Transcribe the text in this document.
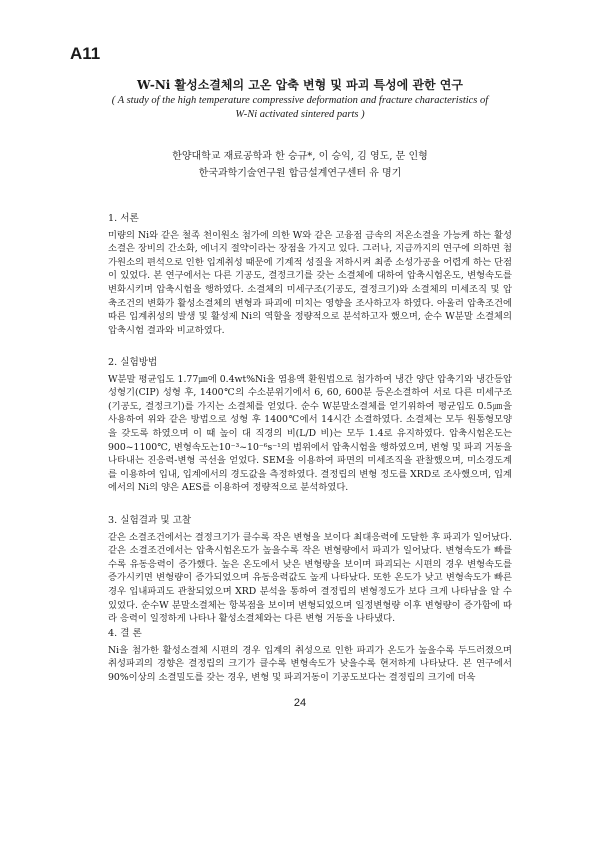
A11
W-Ni 활성소결체의 고온 압축 변형 및 파괴 특성에 관한 연구
( A study of the high temperature compressive deformation and fracture characteristics of
W-Ni activated sintered parts )
한양대학교 재료공학과 한 승규*, 이 승익, 김 영도, 문 인형
한국과학기술연구원 합금설계연구센터 유 명기
1. 서론

미량의 Ni와 같은 철족 천이원소 첨가에 의한 W와 같은 고융점 금속의 저온소결을 가능케 하는 활성소결은 장비의 간소화, 에너지 절약이라는 장점을 가지고 있다. 그러나, 지금까지의 연구에 의하면 첨가원소의 편석으로 인한 입계취성 때문에 기계적 성질을 저하시켜 최종 소성가공을 어렵게 하는 단점이 있었다. 본 연구에서는 다른 기공도, 결정크기를 갖는 소결체에 대하여 압축시험온도, 변형속도를 변화시키며 압축시험을 행하였다. 소결체의 미세구조(기공도, 결정크기)와 소결체의 미세조직 및 압축조건의 변화가 활성소결체의 변형과 파괴에 미치는 영향을 조사하고자 하였다. 아울러 압축조건에 따른 입계취성의 발생 및 활성제 Ni의 역할을 정량적으로 분석하고자 했으며, 순수 W분말 소결체의 압축시험 결과와 비교하였다.

2. 실험방법

W분말 평균입도 1.77㎛에 0.4wt%Ni을 염용액 환원법으로 첨가하여 냉간 양단 압축기와 냉간등압성형기(CIP) 성형 후, 1400℃의 수소분위기에서 6, 60, 600분 등온소결하여 서로 다른 미세구조(기공도, 결정크기)를 가지는 소결체를 얻었다. 순수 W분말소결체를 얻기위하여 평균입도 0.5㎛을 사용하여 위와 같은 방법으로 성형 후 1400℃에서 14시간 소결하였다. 소결체는 모두 원통형모양을 갖도록 하였으며 이 때 높이 대 직경의 비(L/D 비)는 모두 1.4로 유지하였다. 압축시험온도는 900~1100℃, 변형속도는10⁻³~10⁻⁶s⁻¹의 범위에서 압축시험을 행하였으며, 변형 및 파괴 거동을 나타내는 진응력-변형 곡선을 얻었다. SEM을 이용하여 파면의 미세조직을 관찰했으며, 미소경도계를 이용하여 입내, 입계에서의 경도값을 측정하였다. 결정립의 변형 정도를 XRD로 조사했으며, 입계에서의 Ni의 양은 AES를 이용하여 정량적으로 분석하였다.

3. 실험결과 및 고찰

같은 소결조건에서는 결정크기가 클수록 작은 변형을 보이다 최대응력에 도달한 후 파괴가 일어났다. 같은 소결조건에서는 압축시험온도가 높을수록 작은 변형량에서 파괴가 일어났다. 변형속도가 빠를수록 유동응력이 증가했다. 높은 온도에서 낮은 변형량을 보이며 파괴되는 시편의 경우 변형속도를 증가시키면 변형량이 증가되었으며 유동응력값도 높게 나타났다. 또한 온도가 낮고 변형속도가 빠른 경우 입내파괴도 관찰되었으며 XRD 분석을 통하여 결정립의 변형정도가 보다 크게 나타남을 알 수 있었다. 순수W 분말소결체는 항복점을 보이며 변형되었으며 일정변형량 이후 변형량이 증가함에 따라 응력이 일정하게 나타나 활성소결체와는 다른 변형 거동을 나타냈다.

4. 결 론

Ni을 첨가한 활성소결체 시편의 경우 입계의 취성으로 인한 파괴가 온도가 높을수록 두드러졌으며 취성파괴의 경향은 결정립의 크기가 클수록 변형속도가 낮을수록 현저하게 나타났다. 본 연구에서 90%이상의 소결밀도를 갖는 경우, 변형 및 파괴거동이 기공도보다는 결정립의 크기에 더욱

24
